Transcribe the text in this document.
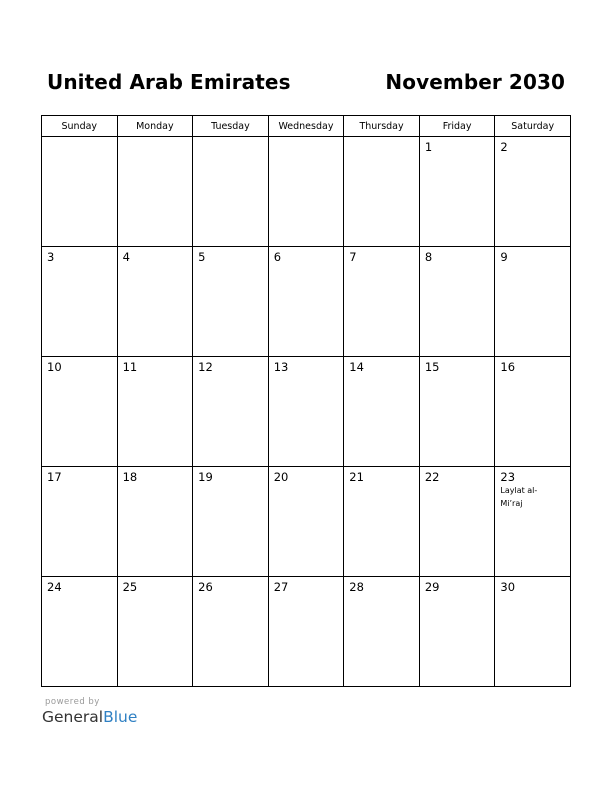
United Arab Emirates	November 2030
Sunday	Monday	Tuesday	Wednesday	Thursday	Friday	Saturday

					1	2

3	4	5	6	7	8	9

10	11	12	13	14	15	16

17	18	19	20	21	22	23
Laylat al-Mi’raj

24	25	26	27	28	29	30
powered by
GeneralBlue
